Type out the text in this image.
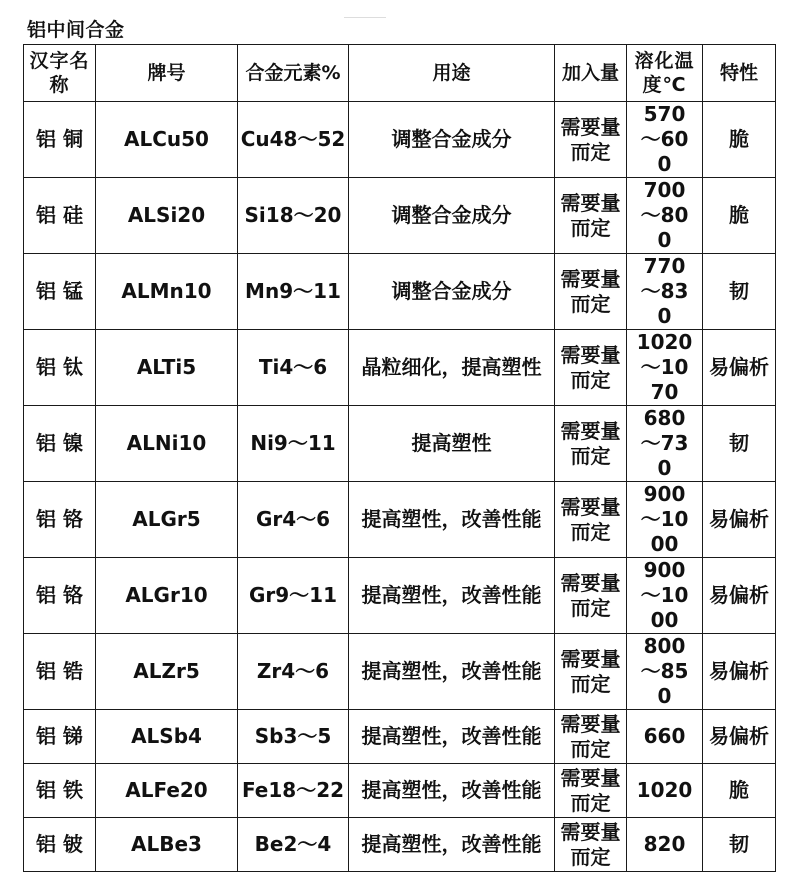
铝中间合金
汉字名称	牌号	合金元素%	用途	加入量	溶化温度℃	特性
铝 铜	ALCu50	Cu48～52	调整合金成分	需要量而定	570～600	脆
铝 硅	ALSi20	Si18～20	调整合金成分	需要量而定	700～800	脆
铝 锰	ALMn10	Mn9～11	调整合金成分	需要量而定	770～830	韧
铝 钛	ALTi5	Ti4～6	晶粒细化，提高塑性	需要量而定	1020～1070	易偏析
铝 镍	ALNi10	Ni9～11	提高塑性	需要量而定	680～730	韧
铝 铬	ALGr5	Gr4～6	提高塑性，改善性能	需要量而定	900～1000	易偏析
铝 铬	ALGr10	Gr9～11	提高塑性，改善性能	需要量而定	900～1000	易偏析
铝 锆	ALZr5	Zr4～6	提高塑性，改善性能	需要量而定	800～850	易偏析
铝 锑	ALSb4	Sb3～5	提高塑性，改善性能	需要量而定	660	易偏析
铝 铁	ALFe20	Fe18～22	提高塑性，改善性能	需要量而定	1020	脆
铝 铍	ALBe3	Be2～4	提高塑性，改善性能	需要量而定	820	韧
